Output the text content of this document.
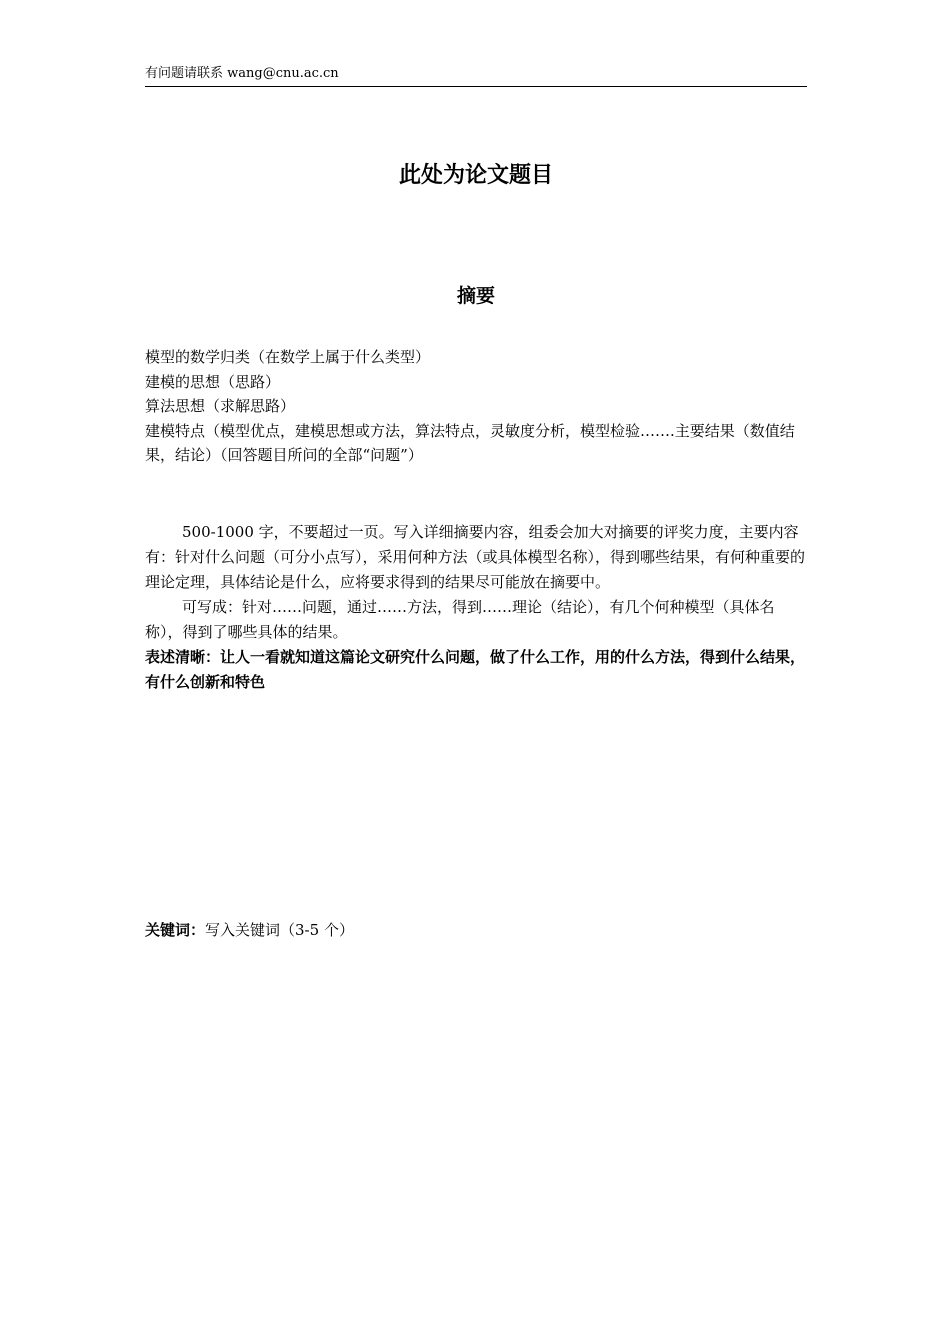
有问题请联系 wang@cnu.ac.cn
此处为论文题目
摘要

模型的数学归类（在数学上属于什么类型）

建模的思想（思路）

算法思想（求解思路）

建模特点（模型优点，建模思想或方法，算法特点，灵敏度分析，模型检验…….主要结果（数值结果，结论）（回答题目所问的全部“问题”）

500-1000 字，不要超过一页。写入详细摘要内容，组委会加大对摘要的评奖力度，主要内容有：针对什么问题（可分小点写），采用何种方法（或具体模型名称），得到哪些结果，有何种重要的理论定理，具体结论是什么，应将要求得到的结果尽可能放在摘要中。

可写成：针对……问题，通过……方法，得到……理论（结论），有几个何种模型（具体名称），得到了哪些具体的结果。

表述清晰：让人一看就知道这篇论文研究什么问题，做了什么工作，用的什么方法，得到什么结果，有什么创新和特色

关键词：写入关键词（3-5 个）
